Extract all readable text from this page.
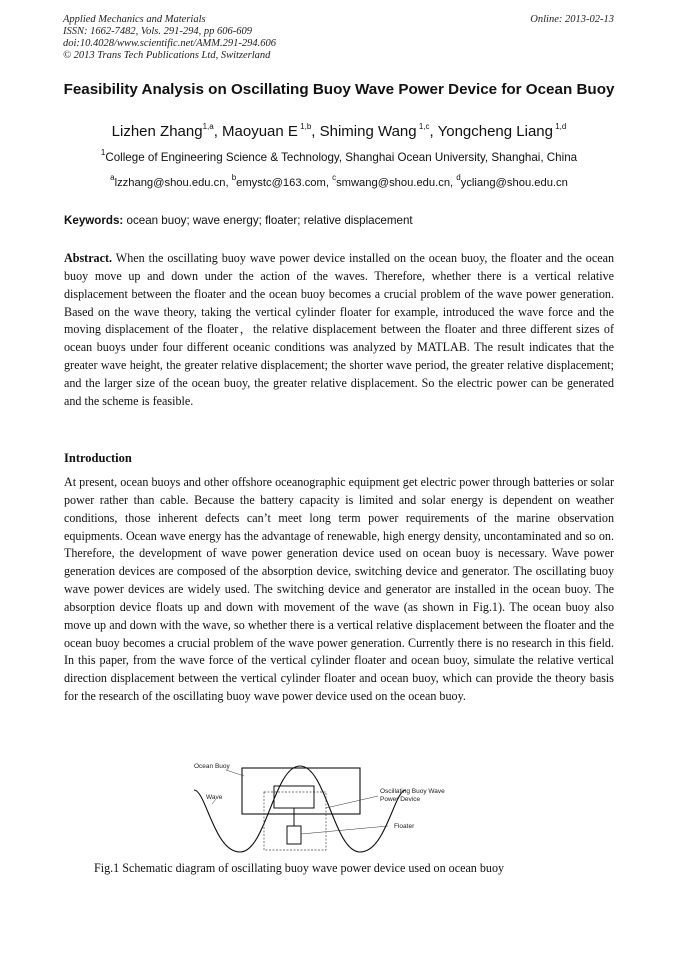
Applied Mechanics and Materials
ISSN: 1662-7482, Vols. 291-294, pp 606-609
doi:10.4028/www.scientific.net/AMM.291-294.606
© 2013 Trans Tech Publications Ltd, Switzerland
Online: 2013-02-13
Feasibility Analysis on Oscillating Buoy Wave Power Device for Ocean Buoy
Lizhen Zhang$^{1,a}$, Maoyuan E $^{1,b}$, Shiming Wang $^{1,c}$, Yongcheng Liang $^{1,d}$
$^1$College of Engineering Science & Technology, Shanghai Ocean University, Shanghai, China
$^a$lzzhang@shou.edu.cn, $^b$emystc@163.com, $^c$smwang@shou.edu.cn, $^d$ycliang@shou.edu.cn
Keywords: ocean buoy; wave energy; floater; relative displacement

Abstract. When the oscillating buoy wave power device installed on the ocean buoy, the floater and the ocean buoy move up and down under the action of the waves. Therefore, whether there is a vertical relative displacement between the floater and the ocean buoy becomes a crucial problem of the wave power generation. Based on the wave theory, taking the vertical cylinder floater for example, introduced the wave force and the moving displacement of the floater，the relative displacement between the floater and three different sizes of ocean buoys under four different oceanic conditions was analyzed by MATLAB. The result indicates that the greater wave height, the greater relative displacement; the shorter wave period, the greater relative displacement; and the larger size of the ocean buoy, the greater relative displacement. So the electric power can be generated and the scheme is feasible.

Introduction

At present, ocean buoys and other offshore oceanographic equipment get electric power through batteries or solar power rather than cable. Because the battery capacity is limited and solar energy is dependent on weather conditions, those inherent defects can’t meet long term power requirements of the marine observation equipments. Ocean wave energy has the advantage of renewable, high energy density, uncontaminated and so on. Therefore, the development of wave power generation device used on ocean buoy is necessary. Wave power generation devices are composed of the absorption device, switching device and generator. The oscillating buoy wave power devices are widely used. The switching device and generator are installed in the ocean buoy. The absorption device floats up and down with movement of the wave (as shown in Fig.1). The ocean buoy also move up and down with the wave, so whether there is a vertical relative displacement between the floater and the ocean buoy becomes a crucial problem of the wave power generation. Currently there is no research in this field. In this paper, from the wave force of the vertical cylinder floater and ocean buoy, simulate the relative vertical direction displacement between the vertical cylinder floater and ocean buoy, which can provide the theory basis for the research of the oscillating buoy wave power device used on the ocean buoy.

Ocean Buoy
Wave
Oscillating Buoy Wave
Power Device
Floater
Fig.1 Schematic diagram of oscillating buoy wave power device used on ocean buoy
